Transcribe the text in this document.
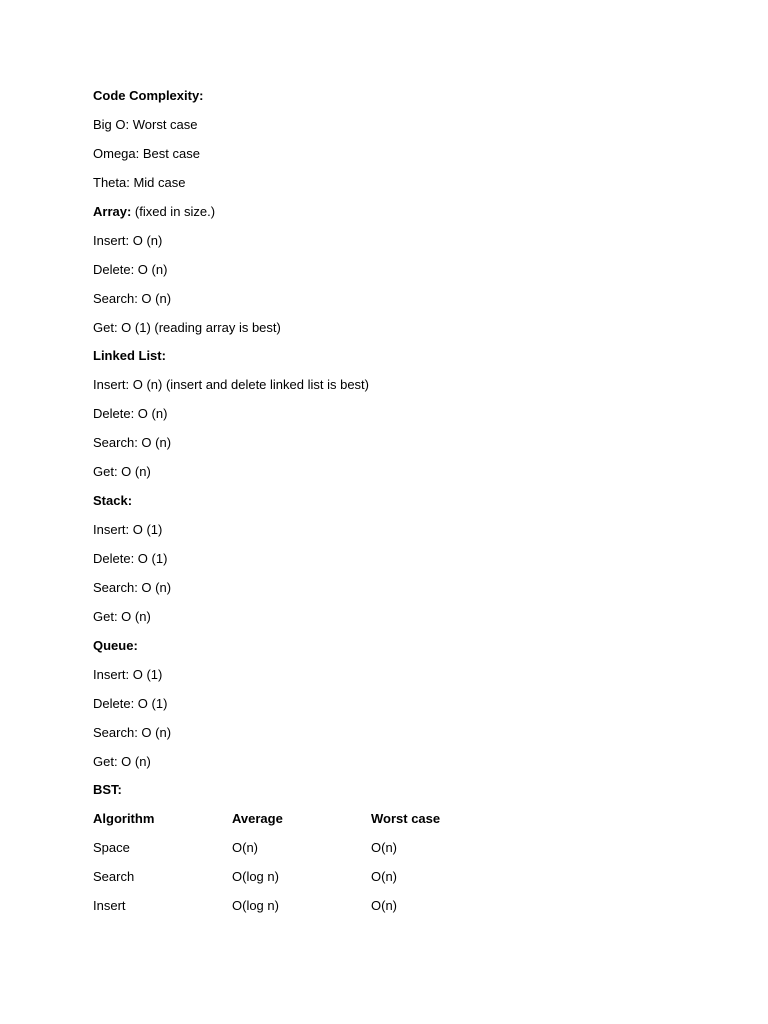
Code Complexity:
Big O: Worst case
Omega: Best case
Theta: Mid case
Array: (fixed in size.)
Insert: O (n)
Delete: O (n)
Search: O (n)
Get: O (1) (reading array is best)
Linked List:
Insert: O (n) (insert and delete linked list is best)
Delete: O (n)
Search: O (n)
Get: O (n)
Stack:
Insert: O (1)
Delete: O (1)
Search: O (n)
Get: O (n)
Queue:
Insert: O (1)
Delete: O (1)
Search: O (n)
Get: O (n)
BST:
Algorithm	Average	Worst case
Space	O(n)	O(n)
Search	O(log n)	O(n)
Insert	O(log n)	O(n)
